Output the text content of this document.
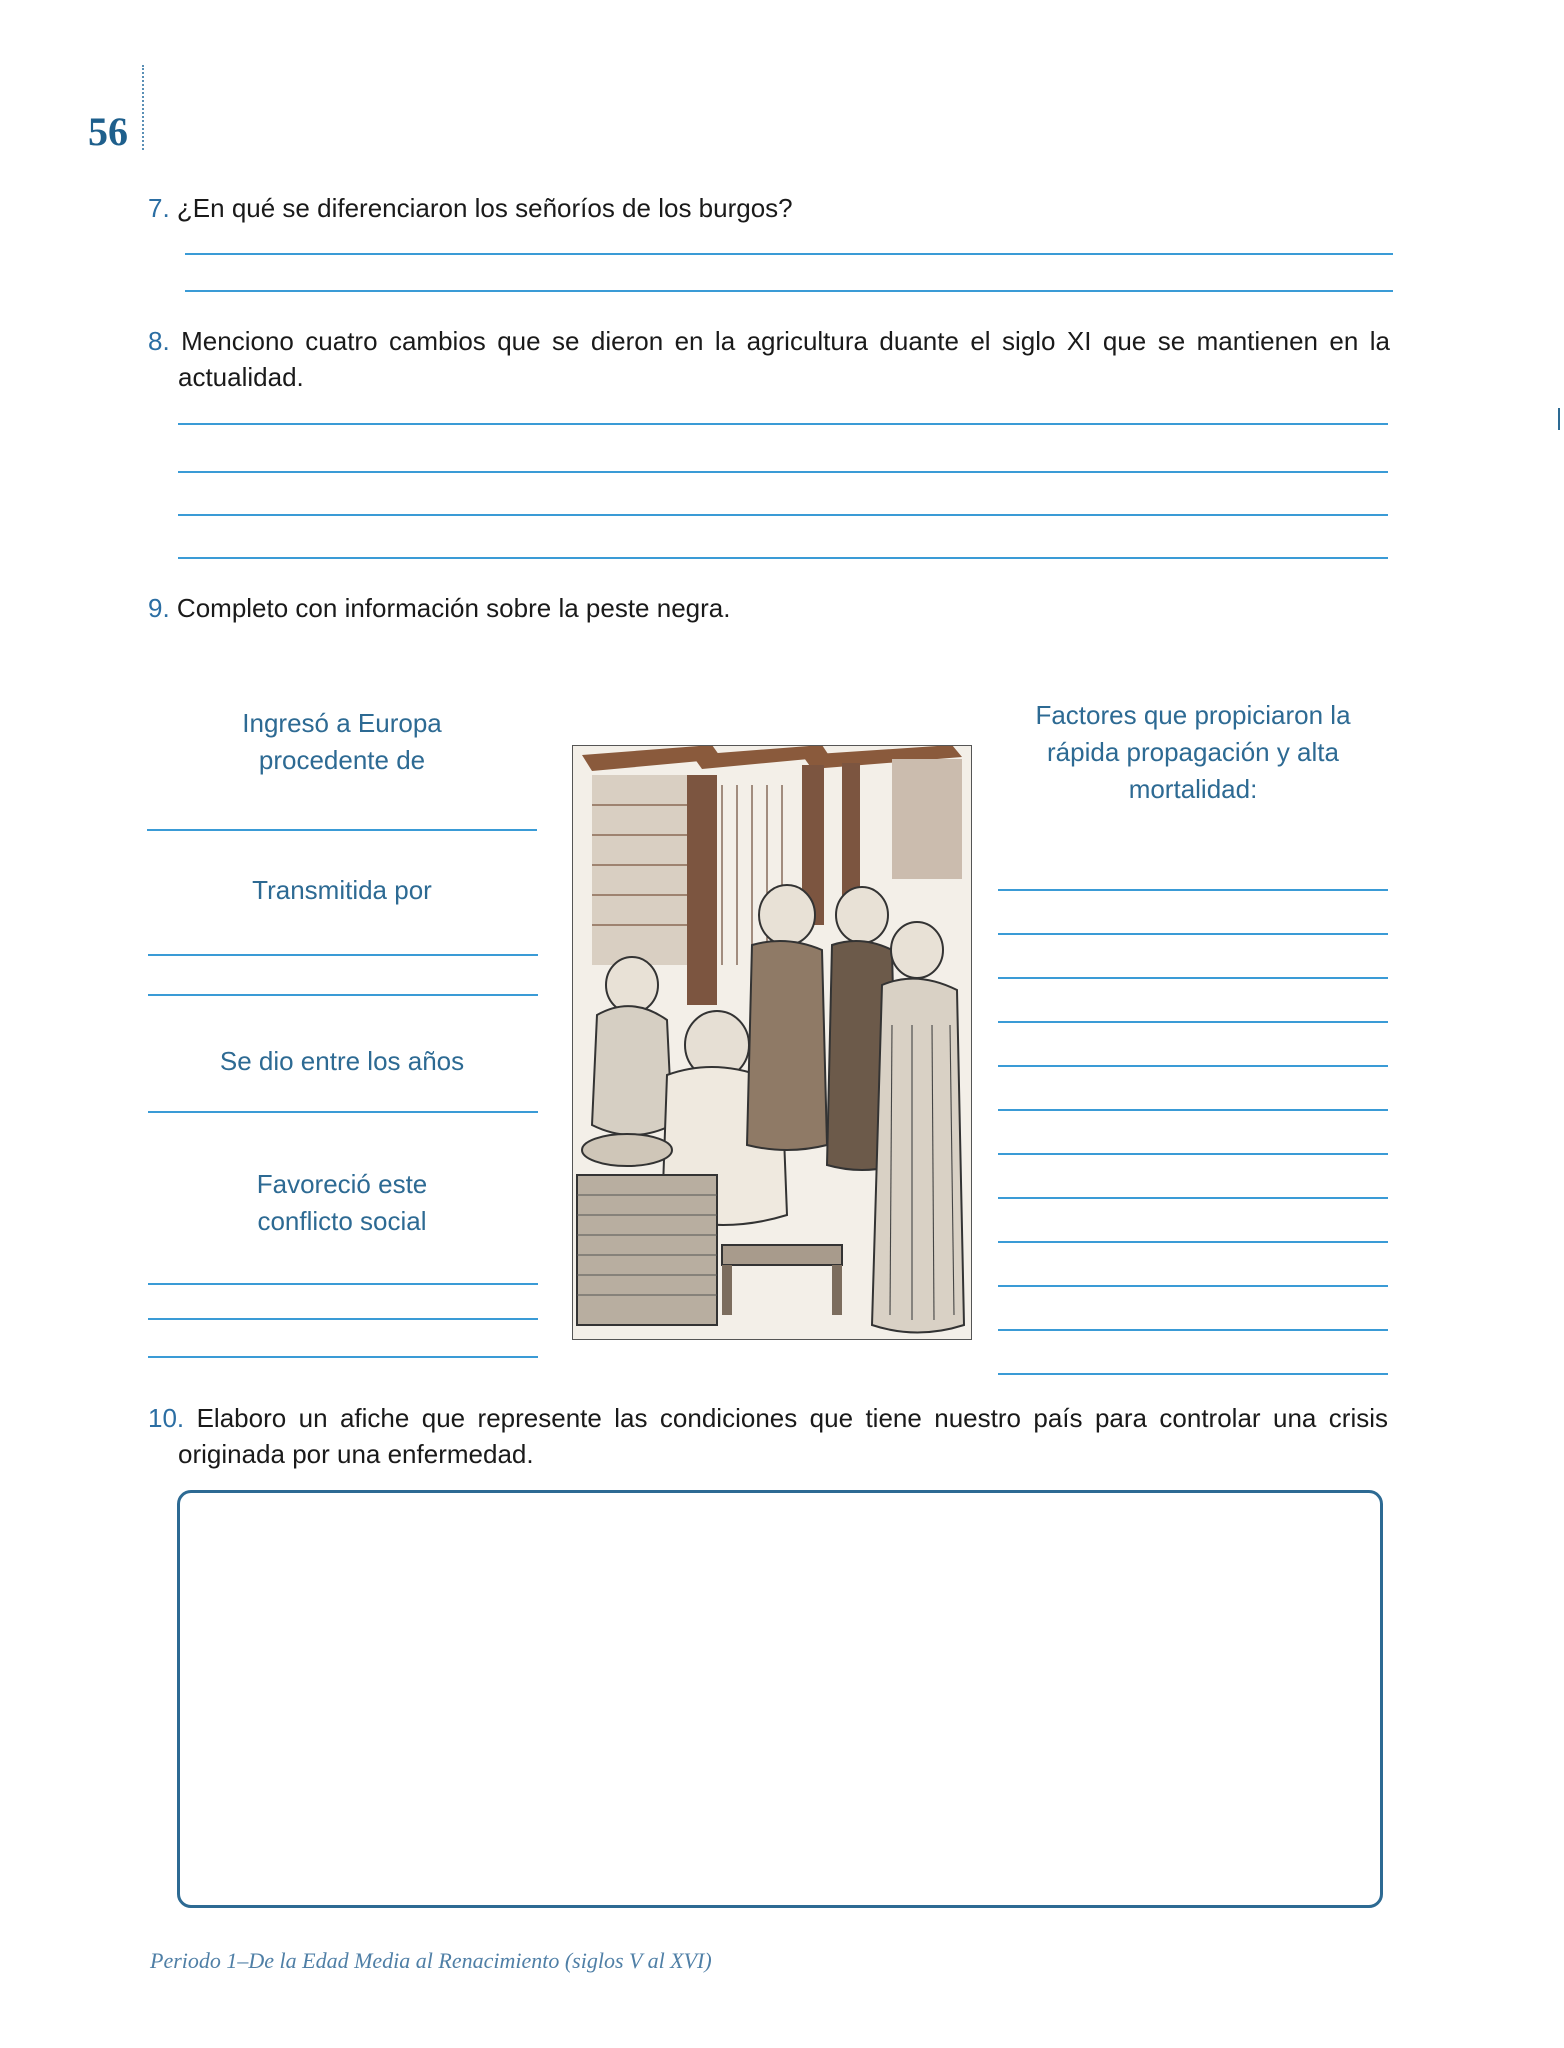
56
7. ¿En qué se diferenciaron los señoríos de los burgos?
8. Menciono cuatro cambios que se dieron en la agricultura duante el siglo XI que se mantienen en la actualidad.
9. Completo con información sobre la peste negra.
Ingresó a Europa
procedente de
Transmitida por
Se dio entre los años
Favoreció este
conflicto social
Factores que propiciaron la
rápida propagación y alta
mortalidad:
10. Elaboro un afiche que represente las condiciones que tiene nuestro país para controlar una crisis originada por una enfermedad.
Periodo 1–De la Edad Media al Renacimiento (siglos V al XVI)
